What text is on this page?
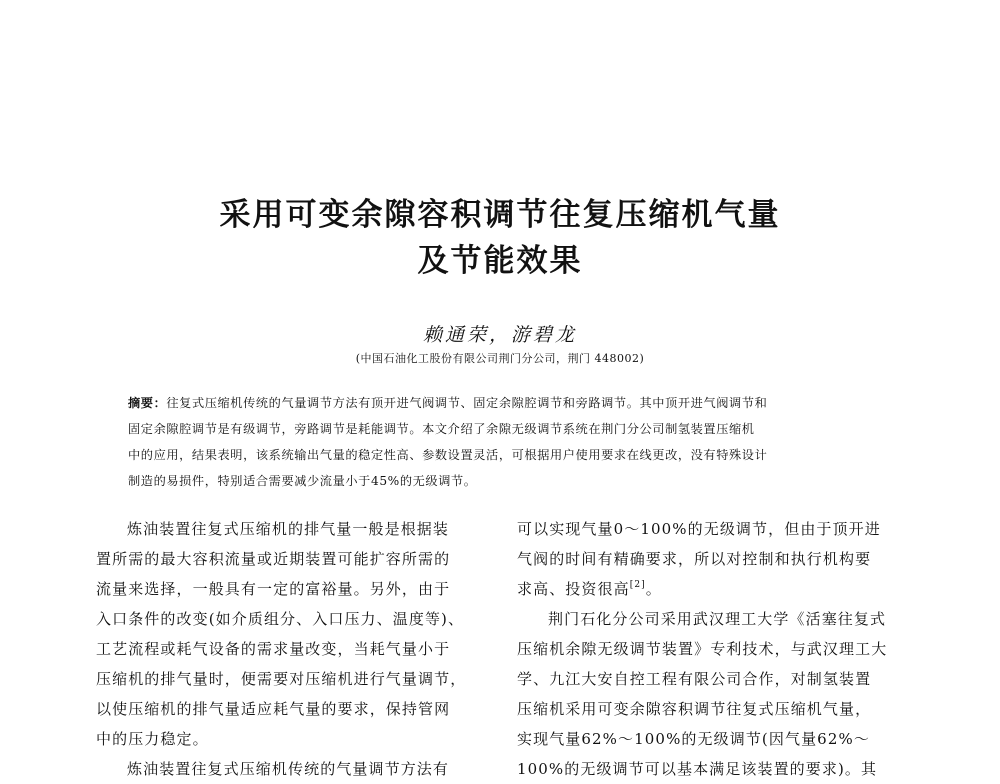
采用可变余隙容积调节往复压缩机气量
及节能效果
赖通荣，游碧龙
(中国石油化工股份有限公司荆门分公司，荆门 448002)
摘要：往复式压缩机传统的气量调节方法有顶开进气阀调节、固定余隙腔调节和旁路调节。其中顶开进气阀调节和
固定余隙腔调节是有级调节，旁路调节是耗能调节。本文介绍了余隙无级调节系统在荆门分公司制氢装置压缩机
中的应用，结果表明，该系统输出气量的稳定性高、参数设置灵活，可根据用户使用要求在线更改，没有特殊设计
制造的易损件，特别适合需要减少流量小于45%的无级调节。
炼油装置往复式压缩机的排气量一般是根据装
置所需的最大容积流量或近期装置可能扩容所需的
流量来选择，一般具有一定的富裕量。另外，由于
入口条件的改变(如介质组分、入口压力、温度等)、
工艺流程或耗气设备的需求量改变，当耗气量小于
压缩机的排气量时，便需要对压缩机进行气量调节，
以使压缩机的排气量适应耗气量的要求，保持管网
中的压力稳定。
炼油装置往复式压缩机传统的气量调节方法有
可以实现气量0～100%的无级调节，但由于顶开进
气阀的时间有精确要求，所以对控制和执行机构要
求高、投资很高[2]。
荆门石化分公司采用武汉理工大学《活塞往复式
压缩机余隙无级调节装置》专利技术，与武汉理工大
学、九江大安自控工程有限公司合作，对制氢装置
压缩机采用可变余隙容积调节往复式压缩机气量，
实现气量62%～100%的无级调节(因气量62%～
100%的无级调节可以基本满足该装置的要求)。其
